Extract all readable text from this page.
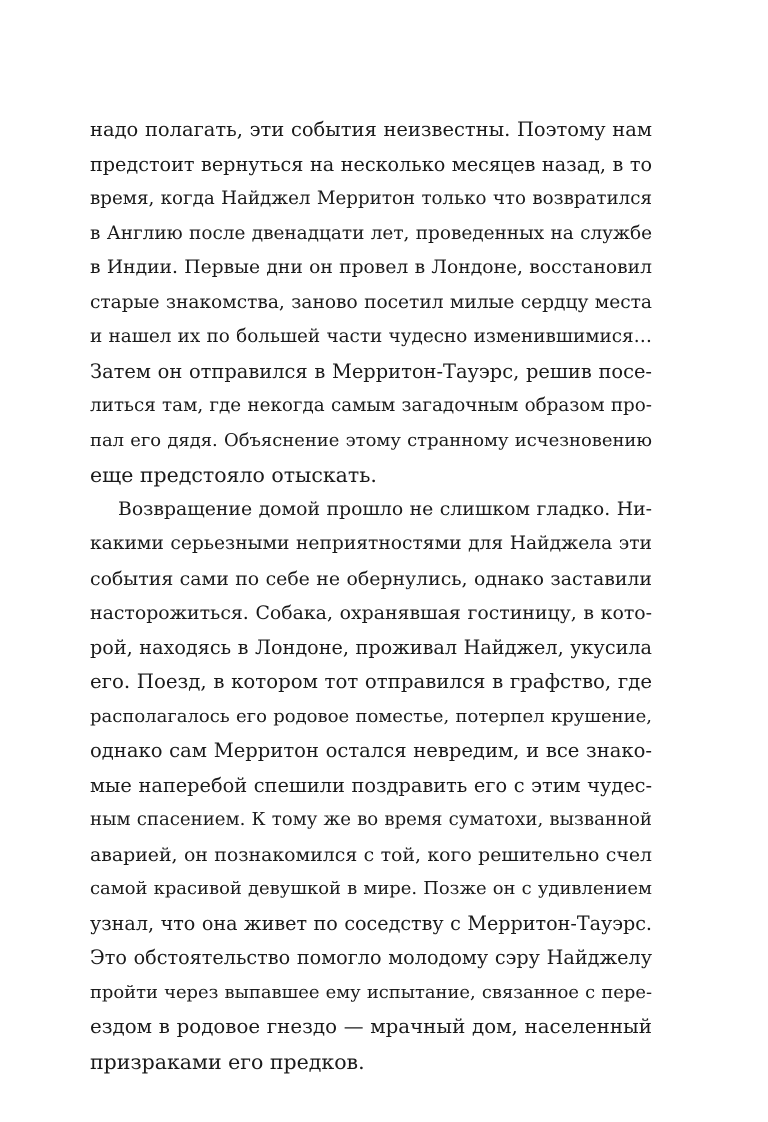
надо полагать, эти события неизвестны. Поэтому нам
предстоит вернуться на несколько месяцев назад, в то
время, когда Найджел Мерритон только что возвратился
в Англию после двенадцати лет, проведенных на службе
в Индии. Первые дни он провел в Лондоне, восстановил
старые знакомства, заново посетил милые сердцу места
и нашел их по большей части чудесно изменившимися…
Затем он отправился в Мерритон-Тауэрс, решив посе-
литься там, где некогда самым загадочным образом про-
пал его дядя. Объяснение этому странному исчезновению
еще предстояло отыскать.
Возвращение домой прошло не слишком гладко. Ни-
какими серьезными неприятностями для Найджела эти
события сами по себе не обернулись, однако заставили
насторожиться. Собака, охранявшая гостиницу, в кото-
рой, находясь в Лондоне, проживал Найджел, укусила
его. Поезд, в котором тот отправился в графство, где
располагалось его родовое поместье, потерпел крушение,
однако сам Мерритон остался невредим, и все знако-
мые наперебой спешили поздравить его с этим чудес-
ным спасением. К тому же во время суматохи, вызванной
аварией, он познакомился с той, кого решительно счел
самой красивой девушкой в мире. Позже он с удивлением
узнал, что она живет по соседству с Мерритон-Тауэрс.
Это обстоятельство помогло молодому сэру Найджелу
пройти через выпавшее ему испытание, связанное с пере-
ездом в родовое гнездо — мрачный дом, населенный
призраками его предков.
